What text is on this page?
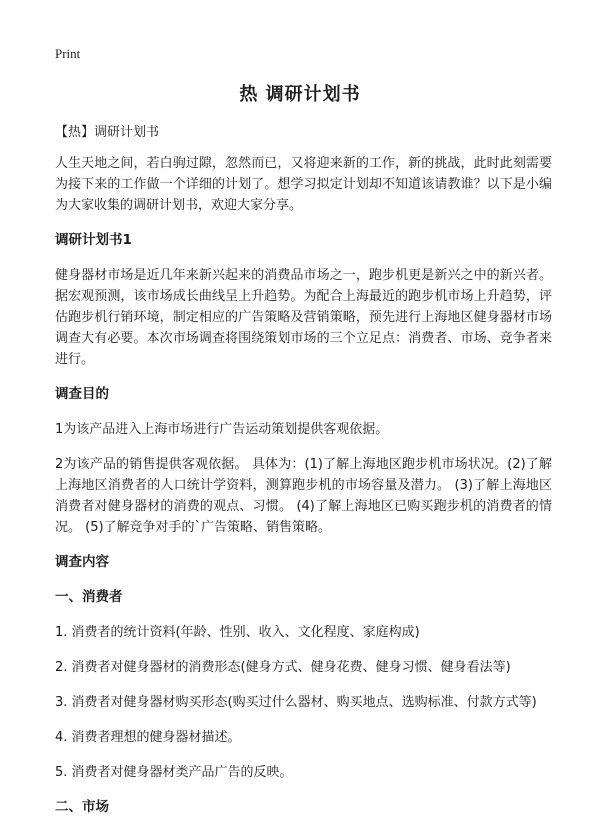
Print
热 调研计划书

【热】调研计划书

人生天地之间，若白驹过隙，忽然而已，又将迎来新的工作，新的挑战，此时此刻需要为接下来的工作做一个详细的计划了。想学习拟定计划却不知道该请教谁？以下是小编为大家收集的调研计划书，欢迎大家分享。

调研计划书1

健身器材市场是近几年来新兴起来的消费品市场之一，跑步机更是新兴之中的新兴者。据宏观预测，该市场成长曲线呈上升趋势。为配合上海最近的跑步机市场上升趋势，评估跑步机行销环境，制定相应的广告策略及营销策略，预先进行上海地区健身器材市场调查大有必要。本次市场调查将围绕策划市场的三个立足点：消费者、市场、竞争者来进行。

调查目的

1为该产品进入上海市场进行广告运动策划提供客观依据。

2为该产品的销售提供客观依据。 具体为：(1)了解上海地区跑步机市场状况。(2)了解上海地区消费者的人口统计学资料，测算跑步机的市场容量及潜力。 (3)了解上海地区消费者对健身器材的消费的观点、习惯。 (4)了解上海地区已购买跑步机的消费者的情况。 (5)了解竞争对手的`广告策略、销售策略。

调查内容
一、消费者

1. 消费者的统计资料(年龄、性别、收入、文化程度、家庭构成)

2. 消费者对健身器材的消费形态(健身方式、健身花费、健身习惯、健身看法等)

3. 消费者对健身器材购买形态(购买过什么器材、购买地点、选购标准、付款方式等)

4. 消费者理想的健身器材描述。

5. 消费者对健身器材类产品广告的反映。

二、市场
